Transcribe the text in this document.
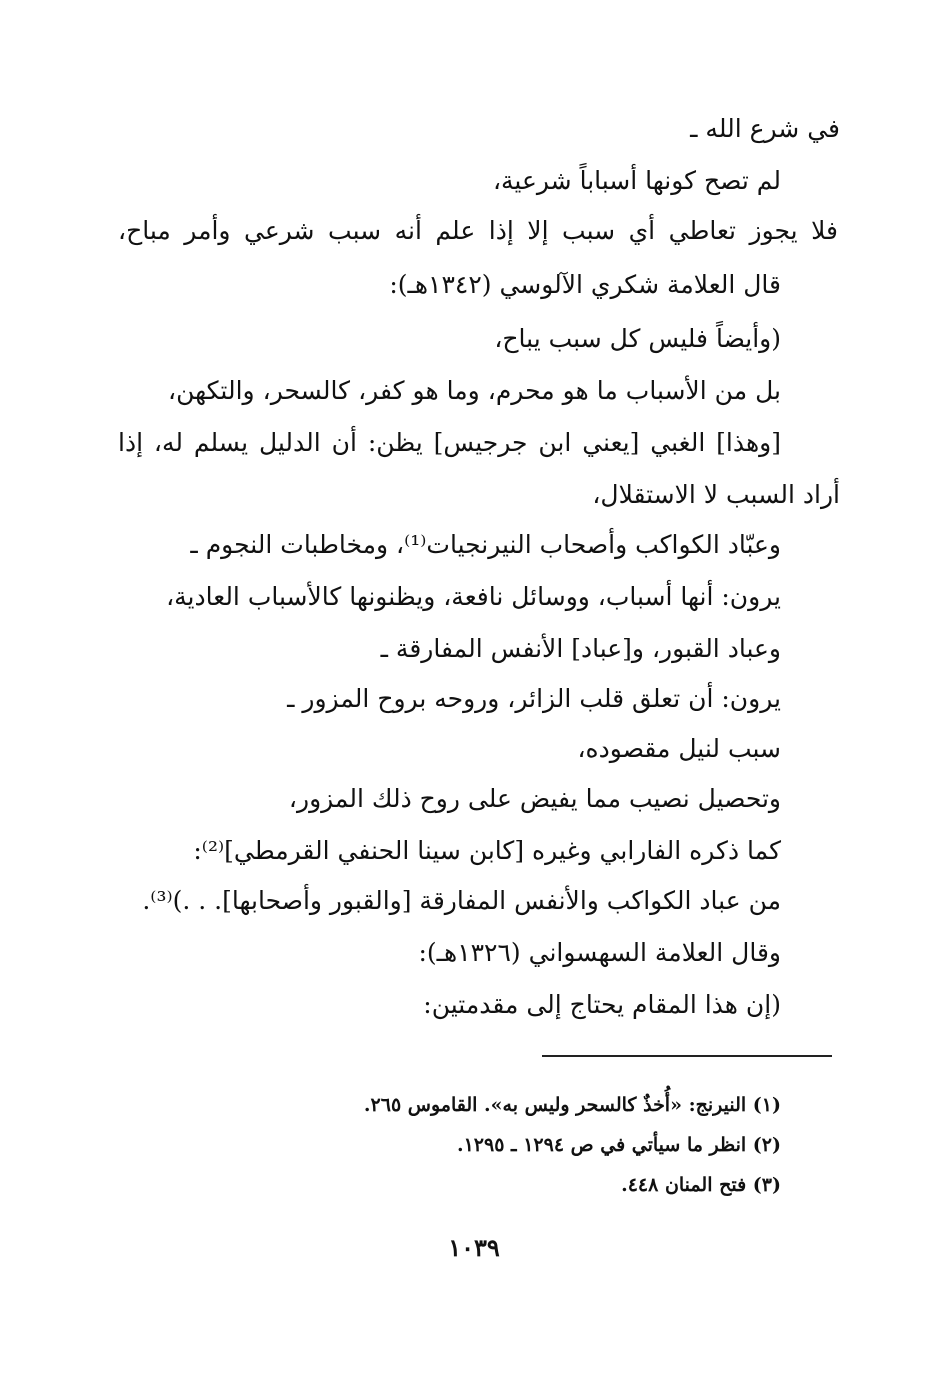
في شرع الله ـ
لم تصح كونها أسباباً شرعية،
فلا يجوز تعاطي أي سبب إلا إذا علم أنه سبب شرعي وأمر مباح،
قال العلامة شكري الآلوسي (١٣٤٢هـ):
(وأيضاً فليس كل سبب يباح،
بل من الأسباب ما هو محرم، وما هو كفر، كالسحر، والتكهن،
[وهذا] الغبي [يعني ابن جرجيس] يظن: أن الدليل يسلم له، إذا
أراد السبب لا الاستقلال،
وعبّاد الكواكب وأصحاب النيرنجيات⁽¹⁾، ومخاطبات النجوم ـ
يرون: أنها أسباب، ووسائل نافعة، ويظنونها كالأسباب العادية،
وعباد القبور، و[عباد] الأنفس المفارقة ـ
يرون: أن تعلق قلب الزائر، وروحه بروح المزور ـ
سبب لنيل مقصوده،
وتحصيل نصيب مما يفيض على روح ذلك المزور،
كما ذكره الفارابي وغيره [كابن سينا الحنفي القرمطي]⁽²⁾:
من عباد الكواكب والأنفس المفارقة [والقبور وأصحابها]. . .)⁽³⁾.
وقال العلامة السهسواني (١٣٢٦هـ):
(إن هذا المقام يحتاج إلى مقدمتين:
(١) النيرنج: «أُخذٌ كالسحر وليس به». القاموس ٢٦٥.
(٢) انظر ما سيأتي في ص ١٢٩٤ ـ ١٢٩٥.
(٣) فتح المنان ٤٤٨.
١٠٣٩
